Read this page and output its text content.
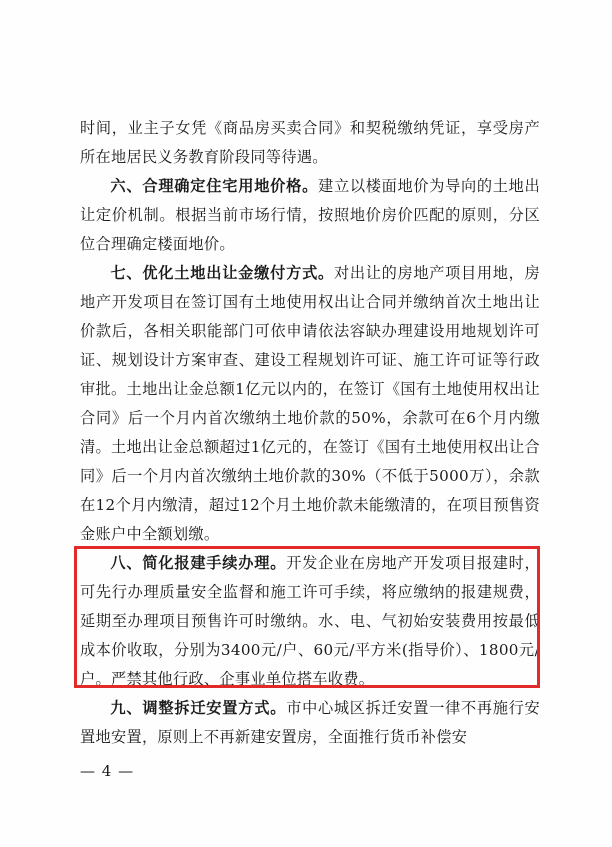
时间，业主子女凭《商品房买卖合同》和契税缴纳凭证，享受房产所在地居民义务教育阶段同等待遇。

六、合理确定住宅用地价格。建立以楼面地价为导向的土地出让定价机制。根据当前市场行情，按照地价房价匹配的原则，分区位合理确定楼面地价。

七、优化土地出让金缴付方式。对出让的房地产项目用地，房地产开发项目在签订国有土地使用权出让合同并缴纳首次土地出让价款后，各相关职能部门可依申请依法容缺办理建设用地规划许可证、规划设计方案审查、建设工程规划许可证、施工许可证等行政审批。土地出让金总额1亿元以内的，在签订《国有土地使用权出让合同》后一个月内首次缴纳土地价款的50%，余款可在6个月内缴清。土地出让金总额超过1亿元的，在签订《国有土地使用权出让合同》后一个月内首次缴纳土地价款的30%（不低于5000万），余款在12个月内缴清，超过12个月土地价款未能缴清的，在项目预售资金账户中全额划缴。

八、简化报建手续办理。开发企业在房地产开发项目报建时，可先行办理质量安全监督和施工许可手续，将应缴纳的报建规费，延期至办理项目预售许可时缴纳。水、电、气初始安装费用按最低成本价收取，分别为3400元/户、60元/平方米(指导价）、1800元/户。严禁其他行政、企事业单位搭车收费。

九、调整拆迁安置方式。市中心城区拆迁安置一律不再施行安置地安置，原则上不再新建安置房，全面推行货币补偿安

— 4 —
